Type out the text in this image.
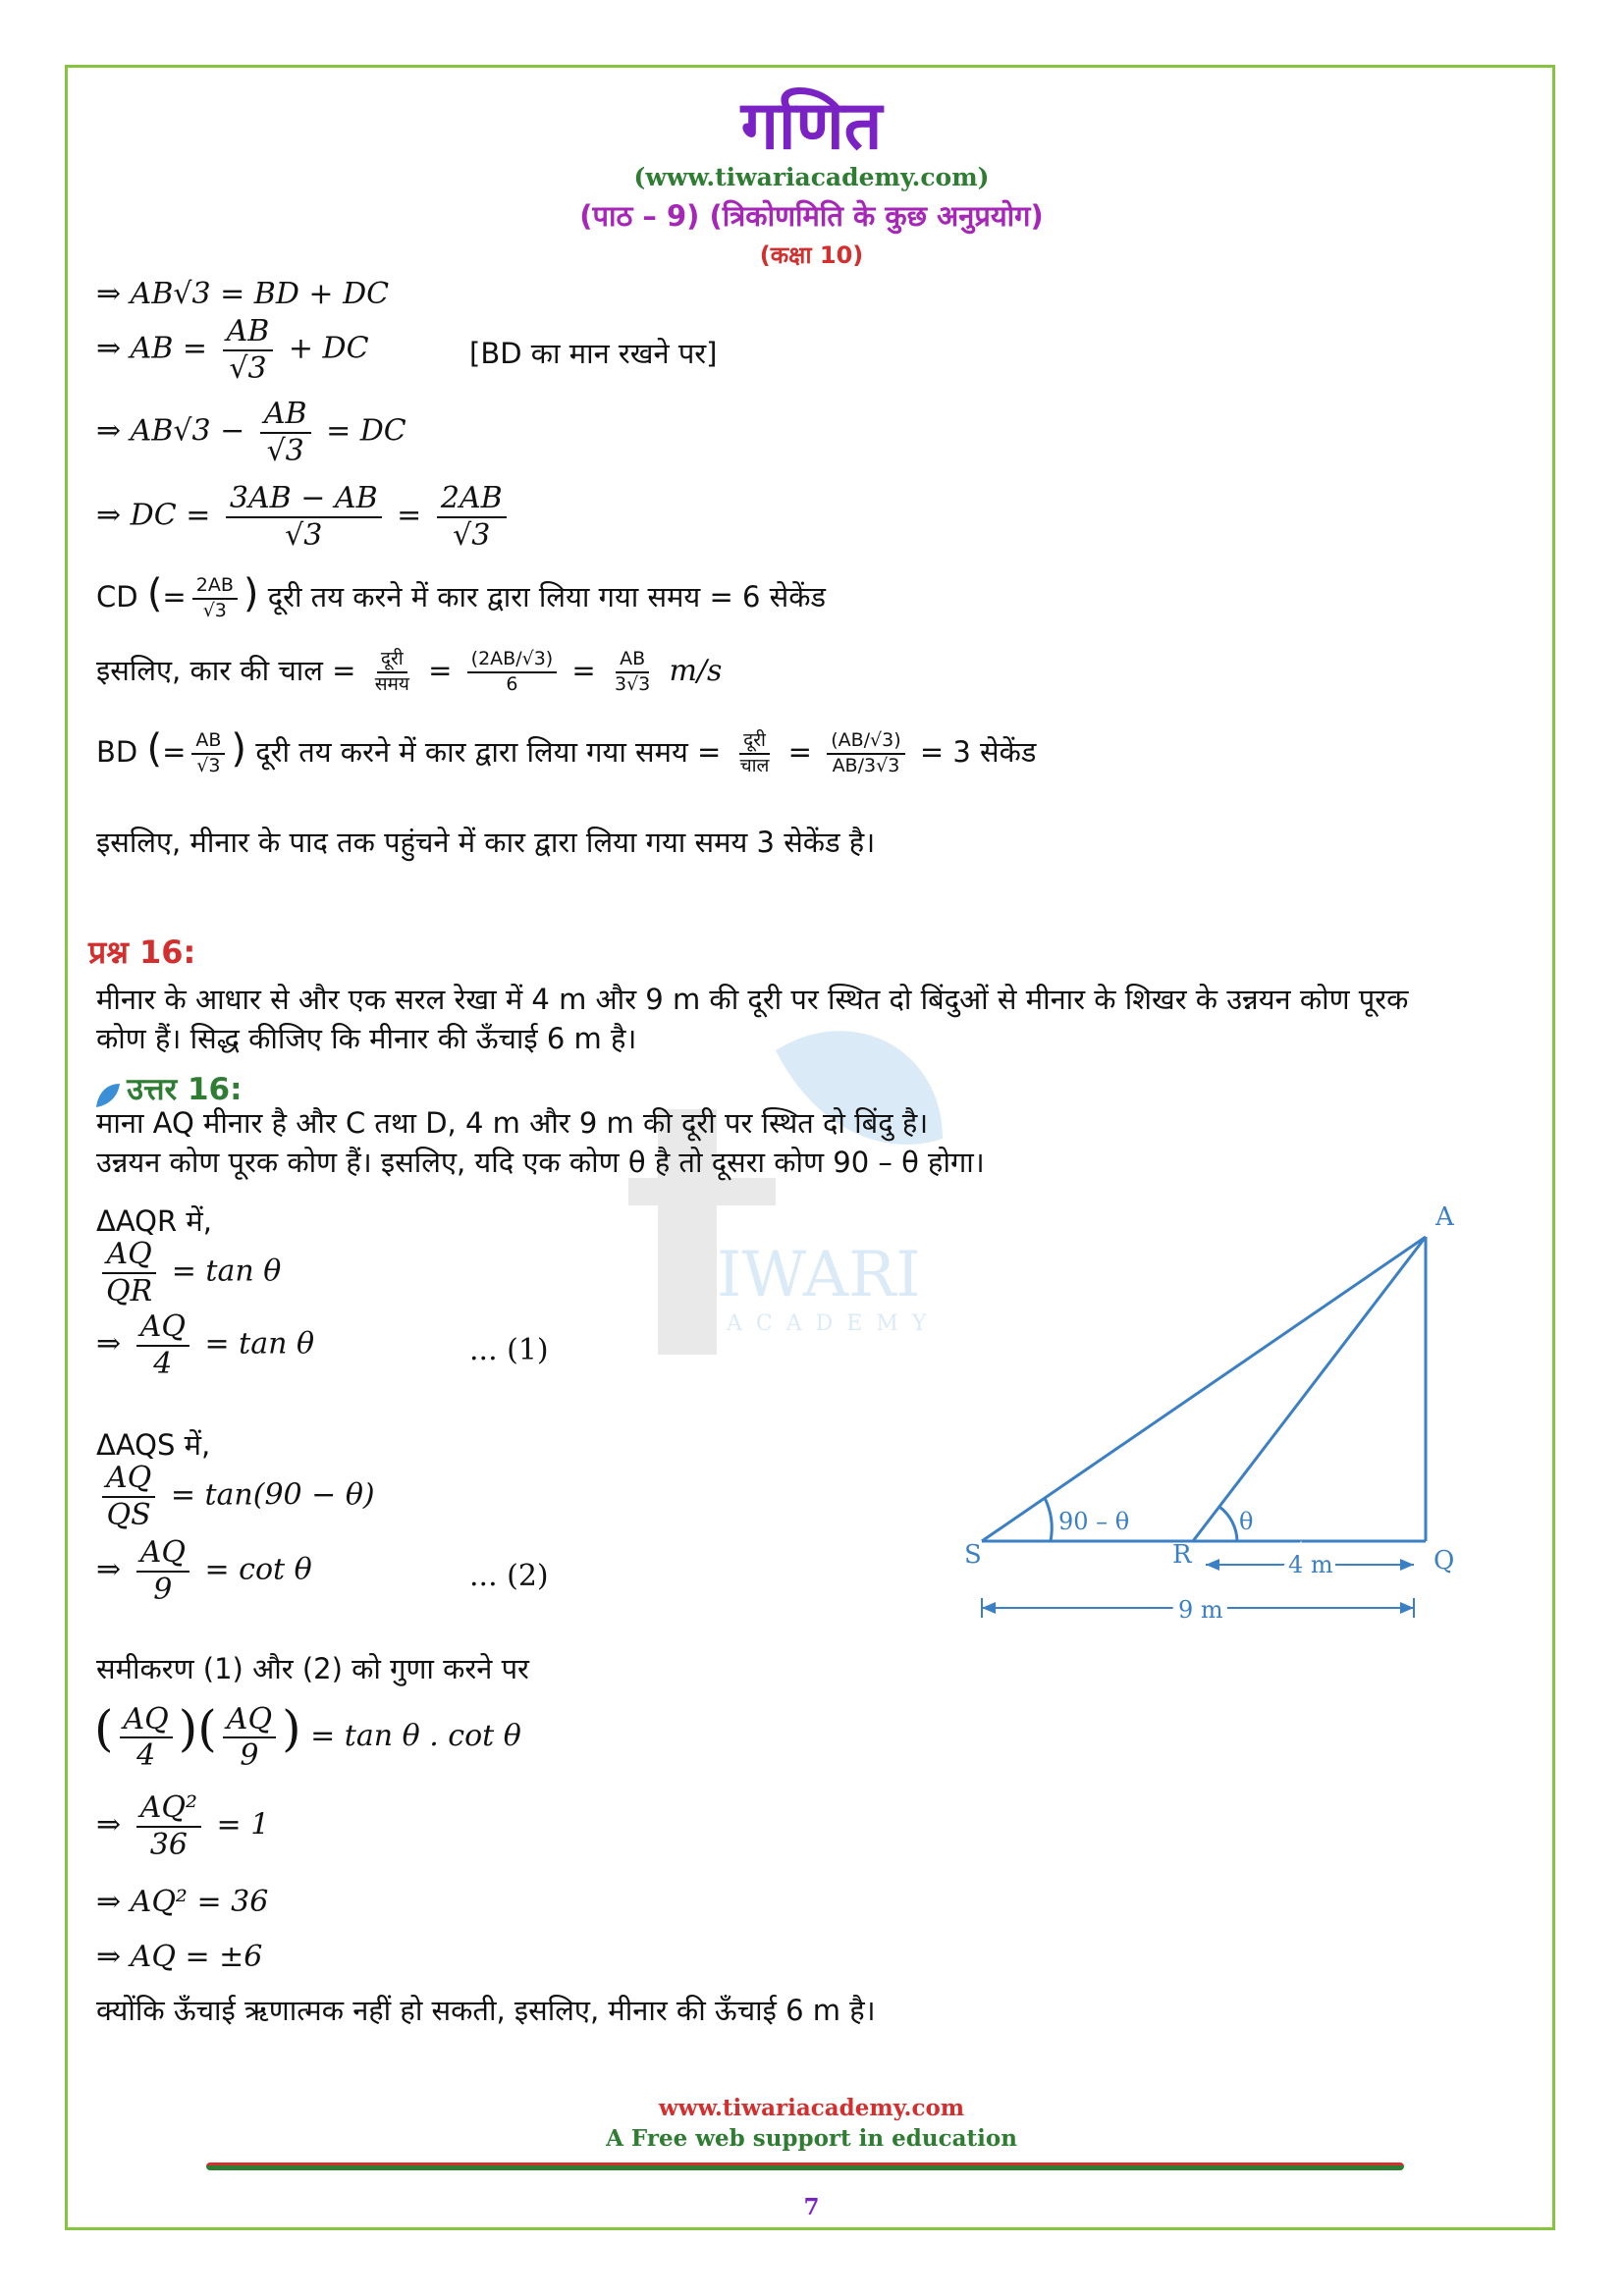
IWARI
ACADEMY
गणित
(www.tiwariacademy.com)
(पाठ – 9) (त्रिकोणमिति के कुछ अनुप्रयोग)
(कक्षा 10)
⇒ AB√3 = BD + DC
⇒ AB = $\frac{AB}{√3}$ + DC	[BD का मान रखने पर]
⇒ $AB√3 - \frac{AB}{√3}$ = DC
⇒ DC = $\frac{3AB - AB}{√3} = \frac{2AB}{√3}$
CD (= $\frac{2AB}{√3}$ ) दूरी तय करने में कार द्वारा लिया गया समय = 6 सेकेंड
इसलिए, कार की चाल = $\frac{\text{दूरी}}{\text{समय}} = \frac{(2AB/√3)}{6} = \frac{AB}{3√3} m/s$
BD (= $\frac{AB}{√3}$ ) दूरी तय करने में कार द्वारा लिया गया समय = $\frac{\text{दूरी}}{\text{चाल}} = \frac{(AB/√3)}{AB/3√3} = 3$ सेकेंड
इसलिए, मीनार के पाद तक पहुंचने में कार द्वारा लिया गया समय 3 सेकेंड है।
प्रश्न 16:
मीनार के आधार से और एक सरल रेखा में 4 m और 9 m की दूरी पर स्थित दो बिंदुओं से मीनार के शिखर के उन्नयन कोण पूरक
कोण हैं। सिद्ध कीजिए कि मीनार की ऊँचाई 6 m है।
उत्तर 16:
माना AQ मीनार है और C तथा D, 4 m और 9 m की दूरी पर स्थित दो बिंदु है।
उन्नयन कोण पूरक कोण हैं। इसलिए, यदि एक कोण θ है तो दूसरा कोण 90 – θ होगा।
ΔAQR में,
$\frac{AQ}{QR} = \tan \theta$
⇒ $\frac{AQ}{4} = \tan \theta$	... (1)
ΔAQS में,
$\frac{AQ}{QS} = \tan(90 - \theta)$
⇒ $\frac{AQ}{9} = \cot \theta$	... (2)
समीकरण (1) और (2) को गुणा करने पर
( $\frac{AQ}{4}$ )( $\frac{AQ}{9}$ ) = tan θ . cot θ
⇒ $\frac{\text{AQ²}}{36} = 1$
⇒ AQ² = 36
⇒ AQ = ±6
क्योंकि ऊँचाई ऋणात्मक नहीं हो सकती, इसलिए, मीनार की ऊँचाई 6 m है।
A
S	R	Q
90 – θ	θ
4 m
9 m
www.tiwariacademy.com
A Free web support in education
7
